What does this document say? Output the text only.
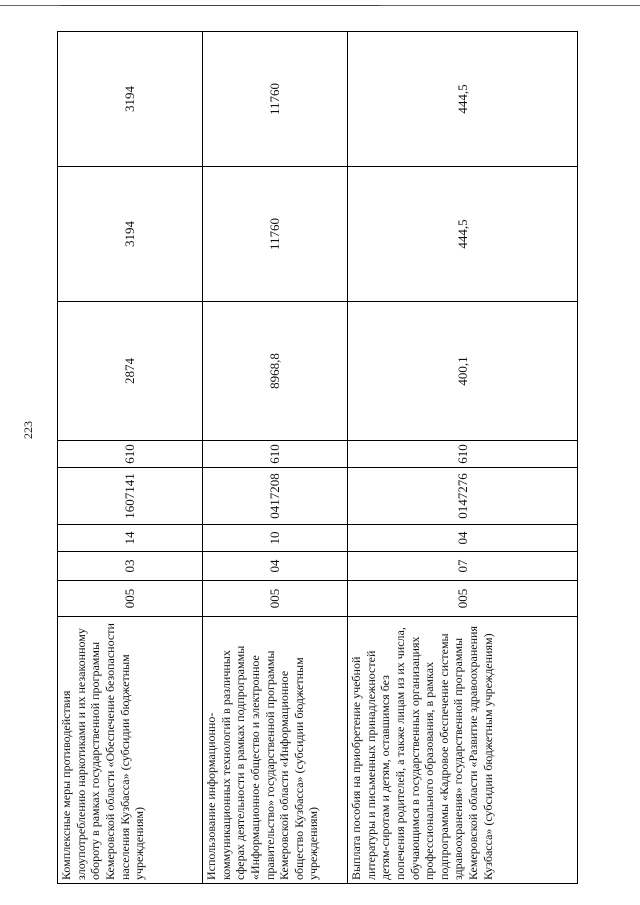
223
Комплексные меры противодействия злоупотреблению наркотиками и их незаконному обороту в рамках государственной программы Кемеровской области «Обеспечение безопасности населения Кузбасса» (субсидии бюджетным учреждениям)	005	03	14	1607141	610	2874	3194	3194
Использование информационно-коммуникационных технологий в различных сферах деятельности в рамках подпрограммы «Информационное общество и электронное правительство» государственной программы Кемеровской области «Информационное общество Кузбасса» (субсидии бюджетным учреждениям)	005	04	10	0417208	610	8968,8	11760	11760
Выплата пособия на приобретение учебной литературы и письменных принадлежностей детям-сиротам и детям, оставшимся без попечения родителей, а также лицам из их числа, обучающимся в государственных организациях профессионального образования, в рамках подпрограммы «Кадровое обеспечение системы здравоохранения» государственной программы Кемеровской области «Развитие здравоохранения Кузбасса» (субсидии бюджетным учреждениям)	005	07	04	0147276	610	400,1	444,5	444,5
